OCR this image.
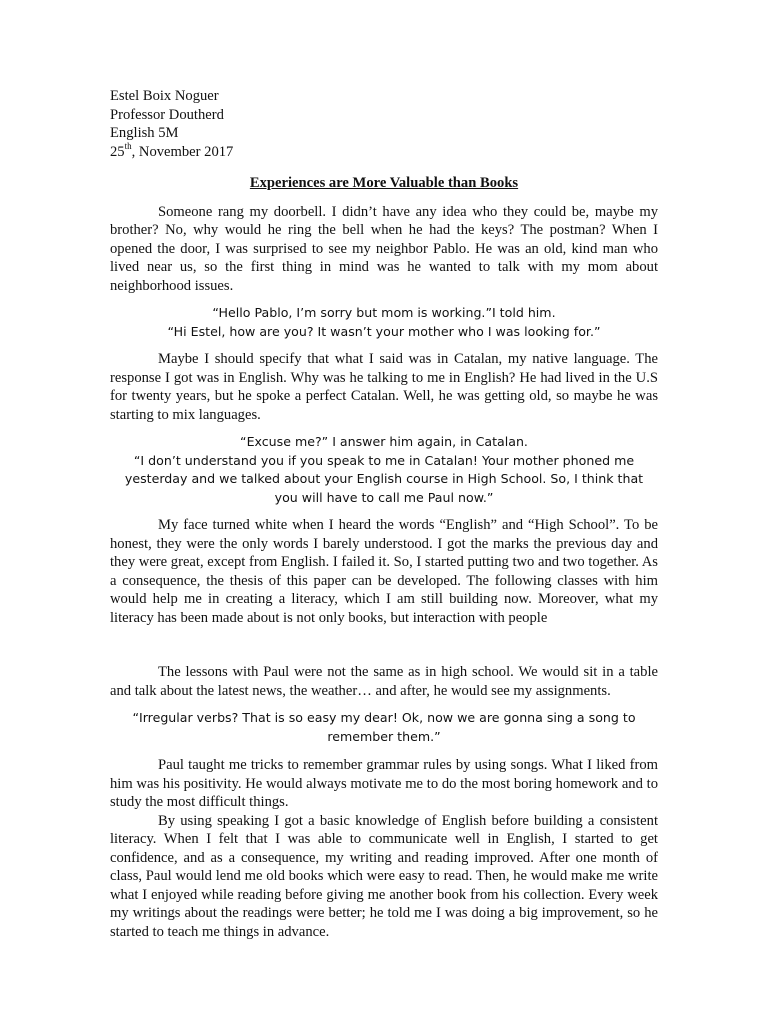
Estel Boix Noguer
Professor Doutherd
English 5M
25th, November 2017
Experiences are More Valuable than Books

Someone rang my doorbell. I didn’t have any idea who they could be, maybe my brother? No, why would he ring the bell when he had the keys? The postman? When I opened the door, I was surprised to see my neighbor Pablo. He was an old, kind man who lived near us, so the first thing in mind was he wanted to talk with my mom about neighborhood issues.

“Hello Pablo, I’m sorry but mom is working.”I told him.

“Hi Estel, how are you? It wasn’t your mother who I was looking for.”

Maybe I should specify that what I said was in Catalan, my native language. The response I got was in English. Why was he talking to me in English? He had lived in the U.S for twenty years, but he spoke a perfect Catalan. Well, he was getting old, so maybe he was starting to mix languages.

“Excuse me?” I answer him again, in Catalan.

“I don’t understand you if you speak to me in Catalan! Your mother phoned me yesterday and we talked about your English course in High School. So, I think that you will have to call me Paul now.”

My face turned white when I heard the words “English” and “High School”. To be honest, they were the only words I barely understood. I got the marks the previous day and they were great, except from English. I failed it. So, I started putting two and two together. As a consequence, the thesis of this paper can be developed. The following classes with him would help me in creating a literacy, which I am still building now. Moreover, what my literacy has been made about is not only books, but interaction with people

The lessons with Paul were not the same as in high school. We would sit in a table and talk about the latest news, the weather… and after, he would see my assignments.

“Irregular verbs? That is so easy my dear! Ok, now we are gonna sing a song to remember them.”

Paul taught me tricks to remember grammar rules by using songs. What I liked from him was his positivity. He would always motivate me to do the most boring homework and to study the most difficult things.

By using speaking I got a basic knowledge of English before building a consistent literacy. When I felt that I was able to communicate well in English, I started to get confidence, and as a consequence, my writing and reading improved. After one month of class, Paul would lend me old books which were easy to read. Then, he would make me write what I enjoyed while reading before giving me another book from his collection. Every week my writings about the readings were better; he told me I was doing a big improvement, so he started to teach me things in advance.
